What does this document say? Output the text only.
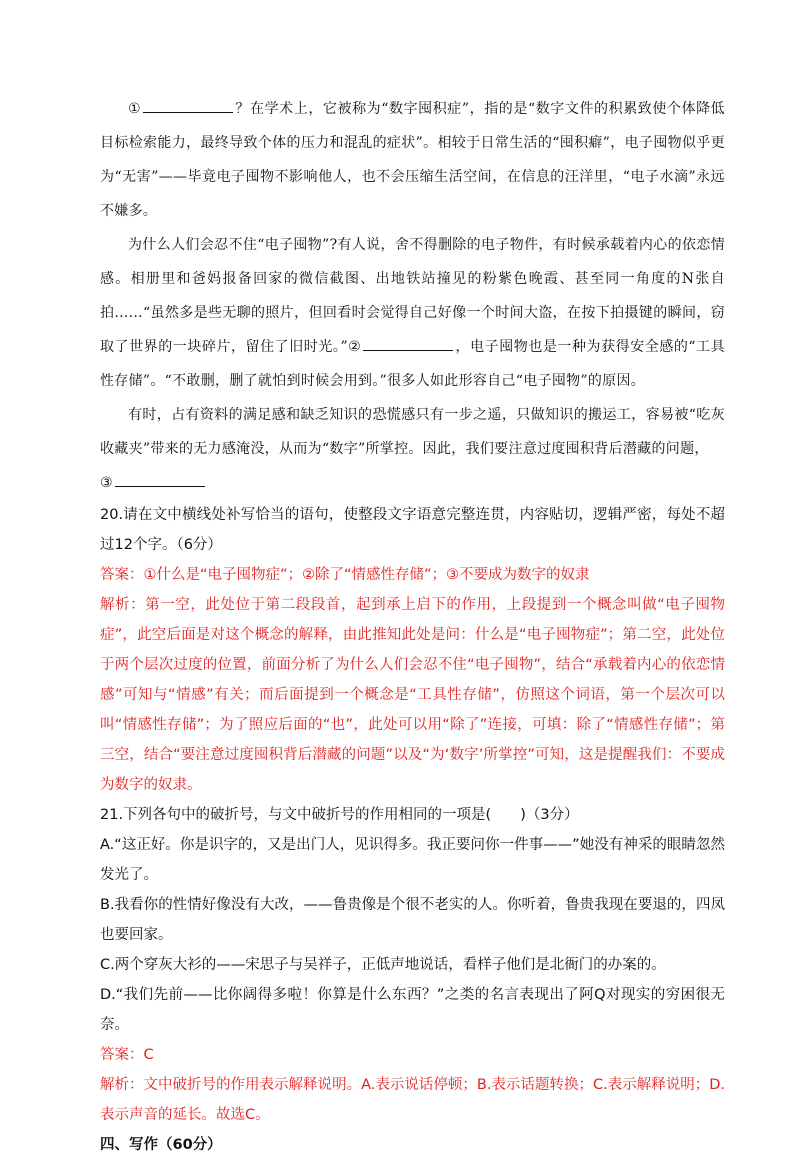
①	？在学术上，它被称为“数字囤积症”，指的是“数字文件的积累致使个体降低目标检索能力，最终导致个体的压力和混乱的症状”。相较于日常生活的“囤积癖”，电子囤物似乎更为“无害”——毕竟电子囤物不影响他人，也不会压缩生活空间，在信息的汪洋里，“电子水滴”永远不嫌多。

为什么人们会忍不住“电子囤物”?有人说，舍不得删除的电子物件，有时候承载着内心的依恋情感。相册里和爸妈报备回家的微信截图、出地铁站撞见的粉紫色晚霞、甚至同一角度的N张自拍……“虽然多是些无聊的照片，但回看时会觉得自己好像一个时间大盗，在按下拍摄键的瞬间，窃取了世界的一块碎片，留住了旧时光。”②	，电子囤物也是一种为获得安全感的“工具性存储”。“不敢删，删了就怕到时候会用到。”很多人如此形容自己“电子囤物”的原因。

有时，占有资料的满足感和缺乏知识的恐慌感只有一步之遥，只做知识的搬运工，容易被“吃灰收藏夹”带来的无力感淹没，从而为“数字”所掌控。因此，我们要注意过度囤积背后潜藏的问题，

③

20.请在文中横线处补写恰当的语句，使整段文字语意完整连贯，内容贴切，逻辑严密，每处不超过12个字。（6分）

答案：①什么是“电子囤物症”；②除了“情感性存储”；③不要成为数字的奴隶

解析：第一空，此处位于第二段段首，起到承上启下的作用，上段提到一个概念叫做“电子囤物症”，此空后面是对这个概念的解释，由此推知此处是问：什么是“电子囤物症”；第二空，此处位于两个层次过度的位置，前面分析了为什么人们会忍不住“电子囤物”，结合“承载着内心的依恋情感”可知与“情感”有关；而后面提到一个概念是“工具性存储”，仿照这个词语，第一个层次可以叫“情感性存储”；为了照应后面的“也”，此处可以用“除了”连接，可填：除了“情感性存储”；第三空，结合“要注意过度囤积背后潜藏的问题”以及“为‘数字’所掌控”可知，这是提醒我们：不要成为数字的奴隶。

21.下列各句中的破折号，与文中破折号的作用相同的一项是(　　)（3分）

A.“这正好。你是识字的，又是出门人，见识得多。我正要问你一件事——”她没有神采的眼睛忽然发光了。

B.我看你的性情好像没有大改，——鲁贵像是个很不老实的人。你听着，鲁贵我现在要退的，四凤也要回家。

C.两个穿灰大衫的——宋思子与吴祥子，正低声地说话，看样子他们是北衙门的办案的。

D.“我们先前——比你阔得多啦！你算是什么东西？”之类的名言表现出了阿Q对现实的穷困很无奈。

答案：C

解析：文中破折号的作用表示解释说明。A.表示说话停顿；B.表示话题转换；C.表示解释说明；D.表示声音的延长。故选C。

四、写作（60分）
